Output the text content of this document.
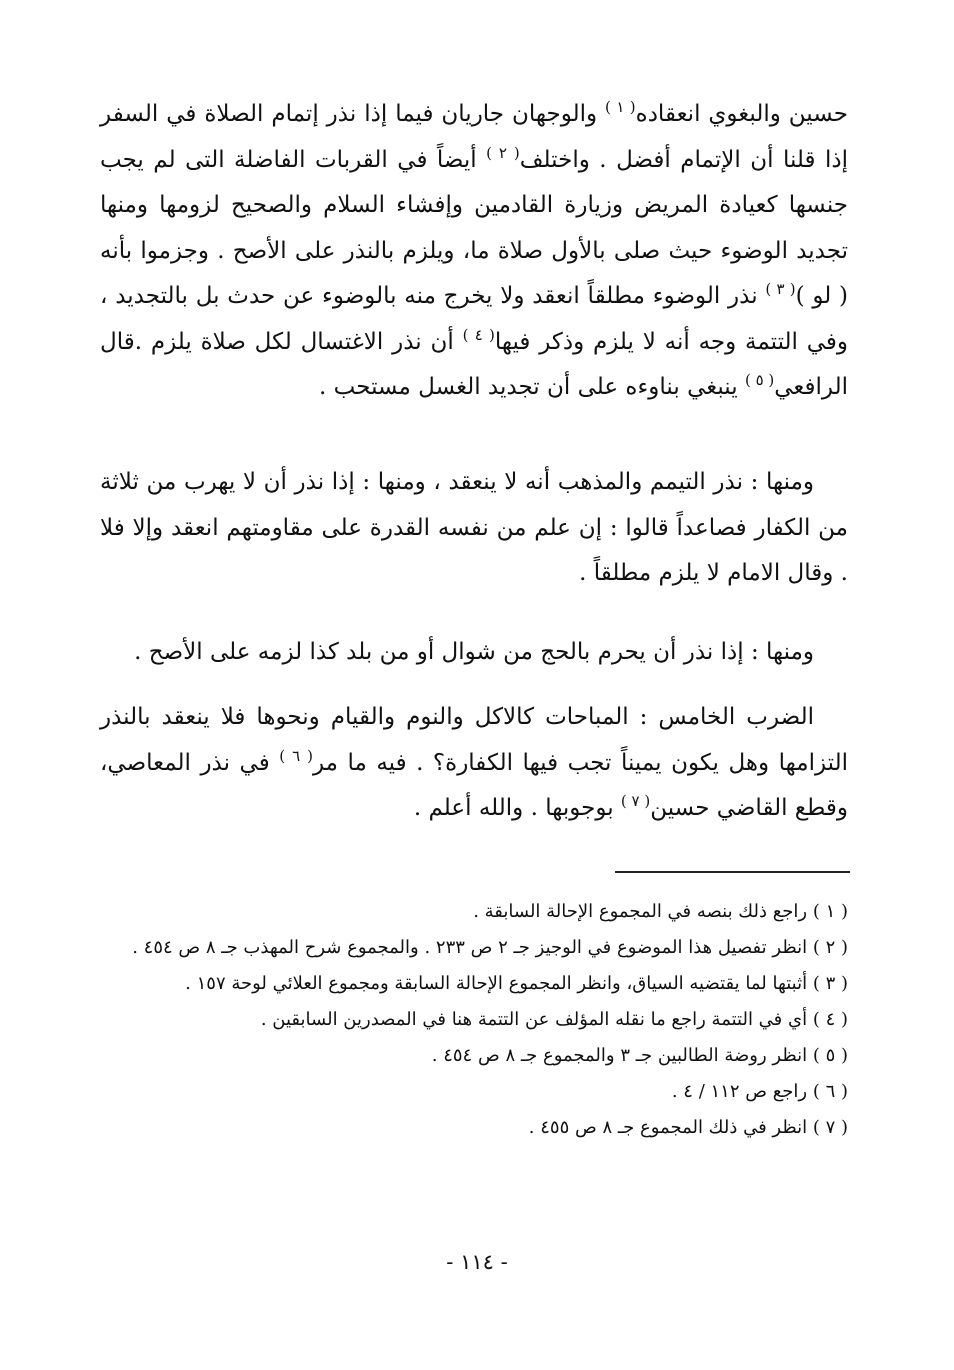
حسين والبغوي انعقاده$^{( ١ )}$ والوجهان جاريان فيما إذا نذر إتمام الصلاة في السفر إذا قلنا أن الإتمام أفضل . واختلف$^{( ٢ )}$ أيضاً في القربات الفاضلة التى لم يجب جنسها كعيادة المريض وزيارة القادمين وإفشاء السلام والصحيح لزومها ومنها تجديد الوضوء حيث صلى بالأول صلاة ما، ويلزم بالنذر على الأصح . وجزموا بأنه ( لو )$^{( ٣ )}$ نذر الوضوء مطلقاً انعقد ولا يخرج منه بالوضوء عن حدث بل بالتجديد ، وفي التتمة وجه أنه لا يلزم وذكر فيها$^{( ٤ )}$ أن نذر الاغتسال لكل صلاة يلزم .قال الرافعي$^{( ٥ )}$ ينبغي بناوءه على أن تجديد الغسل مستحب .

ومنها : نذر التيمم والمذهب أنه لا ينعقد ، ومنها : إذا نذر أن لا يهرب من ثلاثة من الكفار فصاعداً قالوا : إن علم من نفسه القدرة على مقاومتهم انعقد وإلا فلا . وقال الامام لا يلزم مطلقاً .

ومنها : إذا نذر أن يحرم بالحج من شوال أو من بلد كذا لزمه على الأصح .

الضرب الخامس : المباحات كالاكل والنوم والقيام ونحوها فلا ينعقد بالنذر التزامها وهل يكون يميناً تجب فيها الكفارة؟ . فيه ما مر$^{( ٦ )}$ في نذر المعاصي، وقطع القاضي حسين$^{( ٧ )}$ بوجوبها . والله أعلم .

( ١ ) راجع ذلك بنصه في المجموع الإحالة السابقة .

( ٢ ) انظر تفصيل هذا الموضوع في الوجيز جـ ٢ ص ٢٣٣ . والمجموع شرح المهذب جـ ٨ ص ٤٥٤ .

( ٣ ) أثبتها لما يقتضيه السياق، وانظر المجموع الإحالة السابقة ومجموع العلائي لوحة ١٥٧ .

( ٤ ) أي في التتمة راجع ما نقله المؤلف عن التتمة هنا في المصدرين السابقين .

( ٥ ) انظر روضة الطالبين جـ ٣ والمجموع جـ ٨ ص ٤٥٤ .

( ٦ ) راجع ص ١١٢ / ٤ .

( ٧ ) انظر في ذلك المجموع جـ ٨ ص ٤٥٥ .

- ١١٤ -
